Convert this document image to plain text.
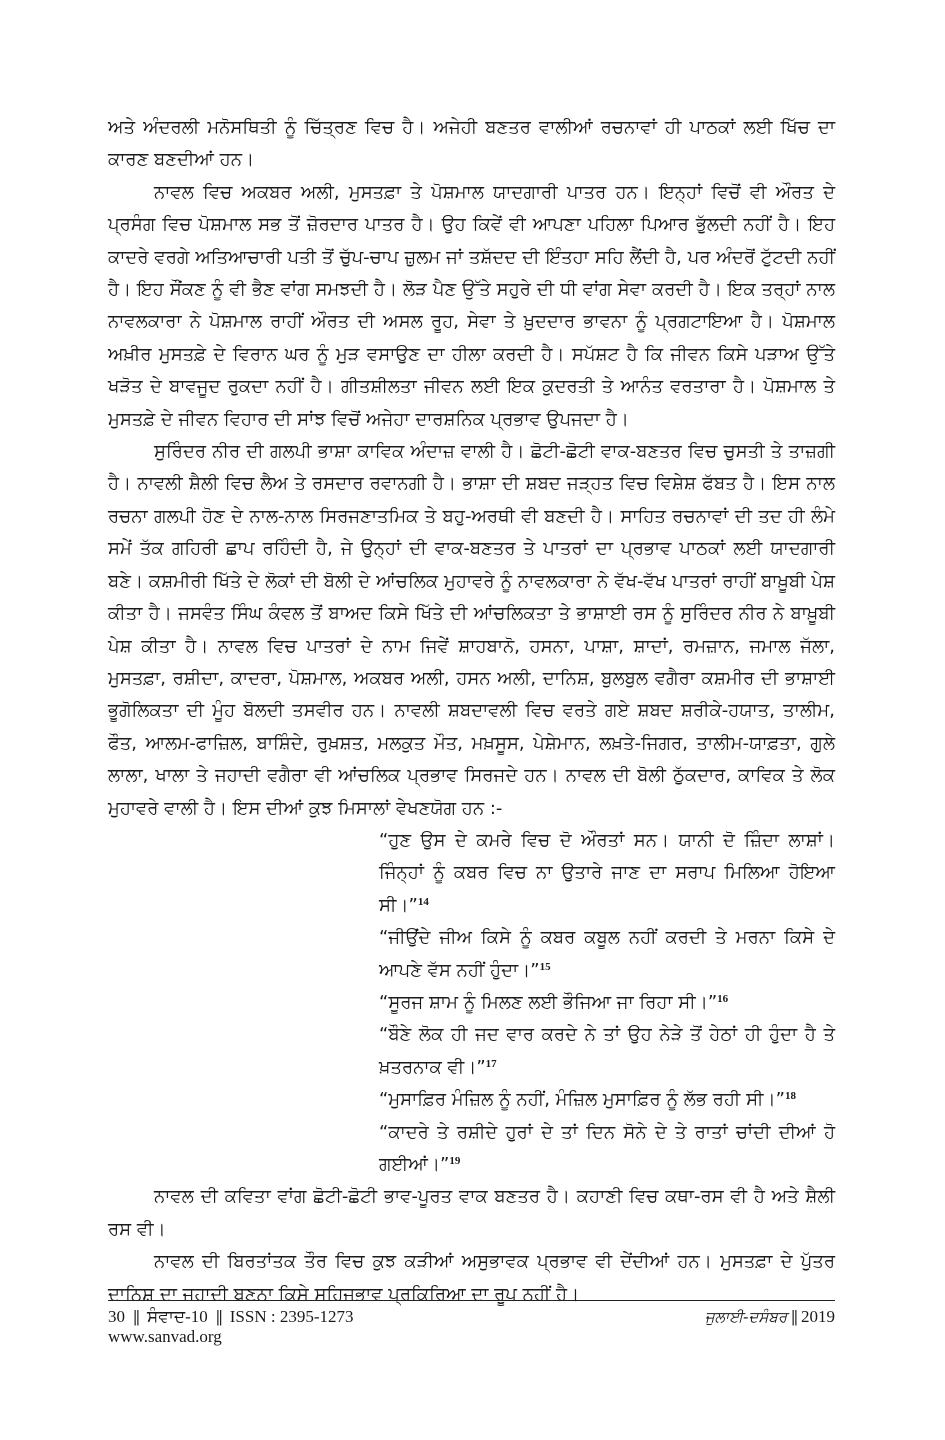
ਅਤੇ ਅੰਦਰਲੀ ਮਨੋਸਥਿਤੀ ਨੂੰ ਚਿੱਤ੍ਰਣ ਵਿਚ ਹੈ। ਅਜੇਹੀ ਬਣਤਰ ਵਾਲੀਆਂ ਰਚਨਾਵਾਂ ਹੀ ਪਾਠਕਾਂ ਲਈ ਖਿੱਚ ਦਾ ਕਾਰਣ ਬਣਦੀਆਂ ਹਨ।

ਨਾਵਲ ਵਿਚ ਅਕਬਰ ਅਲੀ, ਮੁਸਤਫ਼ਾ ਤੇ ਪੋਸ਼ਮਾਲ ਯਾਦਗਾਰੀ ਪਾਤਰ ਹਨ। ਇਨ੍ਹਾਂ ਵਿਚੋਂ ਵੀ ਔਰਤ ਦੇ ਪ੍ਰਸੰਗ ਵਿਚ ਪੋਸ਼ਮਾਲ ਸਭ ਤੋਂ ਜ਼ੋਰਦਾਰ ਪਾਤਰ ਹੈ। ਉਹ ਕਿਵੇਂ ਵੀ ਆਪਣਾ ਪਹਿਲਾ ਪਿਆਰ ਭੁੱਲਦੀ ਨਹੀਂ ਹੈ। ਇਹ ਕਾਦਰੇ ਵਰਗੇ ਅਤਿਆਚਾਰੀ ਪਤੀ ਤੋਂ ਚੁੱਪ-ਚਾਪ ਜ਼ੁਲਮ ਜਾਂ ਤਸ਼ੱਦਦ ਦੀ ਇੰਤਹਾ ਸਹਿ ਲੈਂਦੀ ਹੈ, ਪਰ ਅੰਦਰੋਂ ਟੁੱਟਦੀ ਨਹੀਂ ਹੈ। ਇਹ ਸੌਂਕਣ ਨੂੰ ਵੀ ਭੈਣ ਵਾਂਗ ਸਮਝਦੀ ਹੈ। ਲੋੜ ਪੈਣ ਉੱਤੇ ਸਹੁਰੇ ਦੀ ਧੀ ਵਾਂਗ ਸੇਵਾ ਕਰਦੀ ਹੈ। ਇਕ ਤਰ੍ਹਾਂ ਨਾਲ ਨਾਵਲਕਾਰਾ ਨੇ ਪੋਸ਼ਮਾਲ ਰਾਹੀਂ ਔਰਤ ਦੀ ਅਸਲ ਰੂਹ, ਸੇਵਾ ਤੇ ਖ਼ੁਦਦਾਰ ਭਾਵਨਾ ਨੂੰ ਪ੍ਰਗਟਾਇਆ ਹੈ। ਪੋਸ਼ਮਾਲ ਅਖ਼ੀਰ ਮੁਸਤਫ਼ੇ ਦੇ ਵਿਰਾਨ ਘਰ ਨੂੰ ਮੁੜ ਵਸਾਉਣ ਦਾ ਹੀਲਾ ਕਰਦੀ ਹੈ। ਸਪੱਸ਼ਟ ਹੈ ਕਿ ਜੀਵਨ ਕਿਸੇ ਪੜਾਅ ਉੱਤੇ ਖੜੋਤ ਦੇ ਬਾਵਜੂਦ ਰੁਕਦਾ ਨਹੀਂ ਹੈ। ਗੀਤਸ਼ੀਲਤਾ ਜੀਵਨ ਲਈ ਇਕ ਕੁਦਰਤੀ ਤੇ ਆਨੰਤ ਵਰਤਾਰਾ ਹੈ। ਪੋਸ਼ਮਾਲ ਤੇ ਮੁਸਤਫ਼ੇ ਦੇ ਜੀਵਨ ਵਿਹਾਰ ਦੀ ਸਾਂਝ ਵਿਚੋਂ ਅਜੇਹਾ ਦਾਰਸ਼ਨਿਕ ਪ੍ਰਭਾਵ ਉਪਜਦਾ ਹੈ।

ਸੁਰਿੰਦਰ ਨੀਰ ਦੀ ਗਲਪੀ ਭਾਸ਼ਾ ਕਾਵਿਕ ਅੰਦਾਜ਼ ਵਾਲੀ ਹੈ। ਛੋਟੀ-ਛੋਟੀ ਵਾਕ-ਬਣਤਰ ਵਿਚ ਚੁਸਤੀ ਤੇ ਤਾਜ਼ਗੀ ਹੈ। ਨਾਵਲੀ ਸ਼ੈਲੀ ਵਿਚ ਲੈਅ ਤੇ ਰਸਦਾਰ ਰਵਾਨਗੀ ਹੈ। ਭਾਸ਼ਾ ਦੀ ਸ਼ਬਦ ਜੜ੍ਹਤ ਵਿਚ ਵਿਸ਼ੇਸ਼ ਫੱਬਤ ਹੈ। ਇਸ ਨਾਲ ਰਚਨਾ ਗਲਪੀ ਹੋਣ ਦੇ ਨਾਲ-ਨਾਲ ਸਿਰਜਣਾਤਮਿਕ ਤੇ ਬਹੁ-ਅਰਥੀ ਵੀ ਬਣਦੀ ਹੈ। ਸਾਹਿਤ ਰਚਨਾਵਾਂ ਦੀ ਤਦ ਹੀ ਲੰਮੇ ਸਮੇਂ ਤੱਕ ਗਹਿਰੀ ਛਾਪ ਰਹਿੰਦੀ ਹੈ, ਜੇ ਉਨ੍ਹਾਂ ਦੀ ਵਾਕ-ਬਣਤਰ ਤੇ ਪਾਤਰਾਂ ਦਾ ਪ੍ਰਭਾਵ ਪਾਠਕਾਂ ਲਈ ਯਾਦਗਾਰੀ ਬਣੇ। ਕਸ਼ਮੀਰੀ ਖਿੱਤੇ ਦੇ ਲੋਕਾਂ ਦੀ ਬੋਲੀ ਦੇ ਆਂਚਲਿਕ ਮੁਹਾਵਰੇ ਨੂੰ ਨਾਵਲਕਾਰਾ ਨੇ ਵੱਖ-ਵੱਖ ਪਾਤਰਾਂ ਰਾਹੀਂ ਬਾਖ਼ੂਬੀ ਪੇਸ਼ ਕੀਤਾ ਹੈ। ਜਸਵੰਤ ਸਿੰਘ ਕੰਵਲ ਤੋਂ ਬਾਅਦ ਕਿਸੇ ਖਿੱਤੇ ਦੀ ਆਂਚਲਿਕਤਾ ਤੇ ਭਾਸ਼ਾਈ ਰਸ ਨੂੰ ਸੁਰਿੰਦਰ ਨੀਰ ਨੇ ਬਾਖ਼ੂਬੀ ਪੇਸ਼ ਕੀਤਾ ਹੈ। ਨਾਵਲ ਵਿਚ ਪਾਤਰਾਂ ਦੇ ਨਾਮ ਜਿਵੇਂ ਸ਼ਾਹਬਾਨੋ, ਹਸਨਾ, ਪਾਸ਼ਾ, ਸ਼ਾਦਾਂ, ਰਮਜ਼ਾਨ, ਜਮਾਲ ਜੱਲਾ, ਮੁਸਤਫ਼ਾ, ਰਸ਼ੀਦਾ, ਕਾਦਰਾ, ਪੋਸ਼ਮਾਲ, ਅਕਬਰ ਅਲੀ, ਹਸਨ ਅਲੀ, ਦਾਨਿਸ਼, ਬੁਲਬੁਲ ਵਗੈਰਾ ਕਸ਼ਮੀਰ ਦੀ ਭਾਸ਼ਾਈ ਭੂਗੋਲਿਕਤਾ ਦੀ ਮੂੰਹ ਬੋਲਦੀ ਤਸਵੀਰ ਹਨ। ਨਾਵਲੀ ਸ਼ਬਦਾਵਲੀ ਵਿਚ ਵਰਤੇ ਗਏ ਸ਼ਬਦ ਸ਼ਰੀਕੇ-ਹਯਾਤ, ਤਾਲੀਮ, ਫੌਤ, ਆਲਮ-ਫਾਜ਼ਿਲ, ਬਾਸ਼ਿੰਦੇ, ਰੁਖ਼ਸ਼ਤ, ਮਲਕੁਤ ਮੌਤ, ਮਖ਼ਸੂਸ, ਪੇਸ਼ੇਮਾਨ, ਲਖ਼ਤੇ-ਜਿਗਰ, ਤਾਲੀਮ-ਯਾਫ਼ਤਾ, ਗੁਲੇ ਲਾਲਾ, ਖਾਲਾ ਤੇ ਜਹਾਦੀ ਵਗੈਰਾ ਵੀ ਆਂਚਲਿਕ ਪ੍ਰਭਾਵ ਸਿਰਜਦੇ ਹਨ। ਨਾਵਲ ਦੀ ਬੋਲੀ ਠੁੱਕਦਾਰ, ਕਾਵਿਕ ਤੇ ਲੋਕ ਮੁਹਾਵਰੇ ਵਾਲੀ ਹੈ। ਇਸ ਦੀਆਂ ਕੁਝ ਮਿਸਾਲਾਂ ਵੇਖਣਯੋਗ ਹਨ :-

“ਹੁਣ ਉਸ ਦੇ ਕਮਰੇ ਵਿਚ ਦੋ ਔਰਤਾਂ ਸਨ। ਯਾਨੀ ਦੋ ਜ਼ਿੰਦਾ ਲਾਸ਼ਾਂ। ਜਿੰਨ੍ਹਾਂ ਨੂੰ ਕਬਰ ਵਿਚ ਨਾ ਉਤਾਰੇ ਜਾਣ ਦਾ ਸਰਾਪ ਮਿਲਿਆ ਹੋਇਆ ਸੀ।”$^{14}$
“ਜੀਉਂਦੇ ਜੀਅ ਕਿਸੇ ਨੂੰ ਕਬਰ ਕਬੂਲ ਨਹੀਂ ਕਰਦੀ ਤੇ ਮਰਨਾ ਕਿਸੇ ਦੇ ਆਪਣੇ ਵੱਸ ਨਹੀਂ ਹੁੰਦਾ।”$^{15}$
“ਸੂਰਜ ਸ਼ਾਮ ਨੂੰ ਮਿਲਣ ਲਈ ਭੌਜਿਆ ਜਾ ਰਿਹਾ ਸੀ।”$^{16}$
“ਬੌਣੇ ਲੋਕ ਹੀ ਜਦ ਵਾਰ ਕਰਦੇ ਨੇ ਤਾਂ ਉਹ ਨੇੜੇ ਤੋਂ ਹੇਠਾਂ ਹੀ ਹੁੰਦਾ ਹੈ ਤੇ ਖ਼ਤਰਨਾਕ ਵੀ।”$^{17}$
“ਮੁਸਾਫ਼ਿਰ ਮੰਜ਼ਿਲ ਨੂੰ ਨਹੀਂ, ਮੰਜ਼ਿਲ ਮੁਸਾਫ਼ਿਰ ਨੂੰ ਲੱਭ ਰਹੀ ਸੀ।”$^{18}$
“ਕਾਦਰੇ ਤੇ ਰਸ਼ੀਦੇ ਹੁਰਾਂ ਦੇ ਤਾਂ ਦਿਨ ਸੋਨੇ ਦੇ ਤੇ ਰਾਤਾਂ ਚਾਂਦੀ ਦੀਆਂ ਹੋ ਗਈਆਂ।”$^{19}$

ਨਾਵਲ ਦੀ ਕਵਿਤਾ ਵਾਂਗ ਛੋਟੀ-ਛੋਟੀ ਭਾਵ-ਪੂਰਤ ਵਾਕ ਬਣਤਰ ਹੈ। ਕਹਾਣੀ ਵਿਚ ਕਥਾ-ਰਸ ਵੀ ਹੈ ਅਤੇ ਸ਼ੈਲੀ ਰਸ ਵੀ।

ਨਾਵਲ ਦੀ ਬਿਰਤਾਂਤਕ ਤੌਰ ਵਿਚ ਕੁਝ ਕੜੀਆਂ ਅਸੁਭਾਵਕ ਪ੍ਰਭਾਵ ਵੀ ਦੇਂਦੀਆਂ ਹਨ। ਮੁਸਤਫ਼ਾ ਦੇ ਪੁੱਤਰ ਦਾਨਿਸ਼ ਦਾ ਜਹਾਦੀ ਬਣਨਾ ਕਿਸੇ ਸਹਿਜਭਾਵ ਪ੍ਰਕਿਰਿਆ ਦਾ ਰੂਪ ਨਹੀਂ ਹੈ।

30 || ਸੰਵਾਦ-10 || ISSN : 2395-1273	ਜੁਲਾਈ-ਦਸੰਬਰ || 2019
www.sanvad.org
